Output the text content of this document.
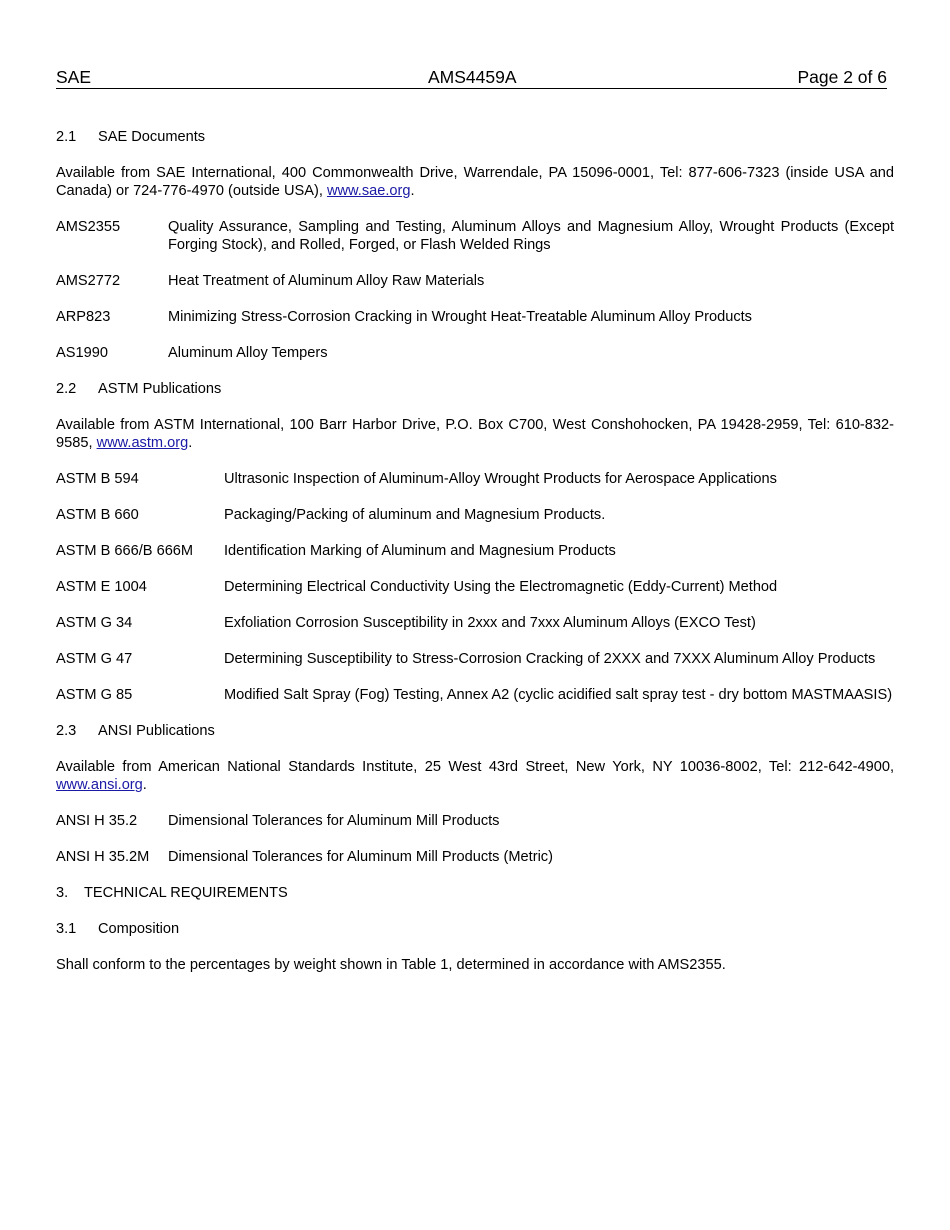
SAE	AMS4459A	Page 2 of 6
2.1	SAE Documents

Available from SAE International, 400 Commonwealth Drive, Warrendale, PA 15096-0001, Tel: 877-606-7323 (inside USA and Canada) or 724-776-4970 (outside USA), www.sae.org.

AMS2355	Quality Assurance, Sampling and Testing, Aluminum Alloys and Magnesium Alloy, Wrought Products (Except Forging Stock), and Rolled, Forged, or Flash Welded Rings
AMS2772	Heat Treatment of Aluminum Alloy Raw Materials
ARP823	Minimizing Stress-Corrosion Cracking in Wrought Heat-Treatable Aluminum Alloy Products
AS1990	Aluminum Alloy Tempers
2.2	ASTM Publications

Available from ASTM International, 100 Barr Harbor Drive, P.O. Box C700, West Conshohocken, PA 19428-2959, Tel: 610-832-9585, www.astm.org.

ASTM B 594	Ultrasonic Inspection of Aluminum-Alloy Wrought Products for Aerospace Applications
ASTM B 660	Packaging/Packing of aluminum and Magnesium Products.
ASTM B 666/B 666M	Identification Marking of Aluminum and Magnesium Products
ASTM E 1004	Determining Electrical Conductivity Using the Electromagnetic (Eddy-Current) Method
ASTM G 34	Exfoliation Corrosion Susceptibility in 2xxx and 7xxx Aluminum Alloys (EXCO Test)
ASTM G 47	Determining Susceptibility to Stress-Corrosion Cracking of 2XXX and 7XXX Aluminum Alloy Products
ASTM G 85	Modified Salt Spray (Fog) Testing, Annex A2 (cyclic acidified salt spray test - dry bottom MASTMAASIS)
2.3	ANSI Publications

Available from American National Standards Institute, 25 West 43rd Street, New York, NY 10036-8002, Tel: 212-642-4900, www.ansi.org.

ANSI H 35.2	Dimensional Tolerances for Aluminum Mill Products
ANSI H 35.2M	Dimensional Tolerances for Aluminum Mill Products (Metric)
3.	TECHNICAL REQUIREMENTS
3.1	Composition

Shall conform to the percentages by weight shown in Table 1, determined in accordance with AMS2355.
